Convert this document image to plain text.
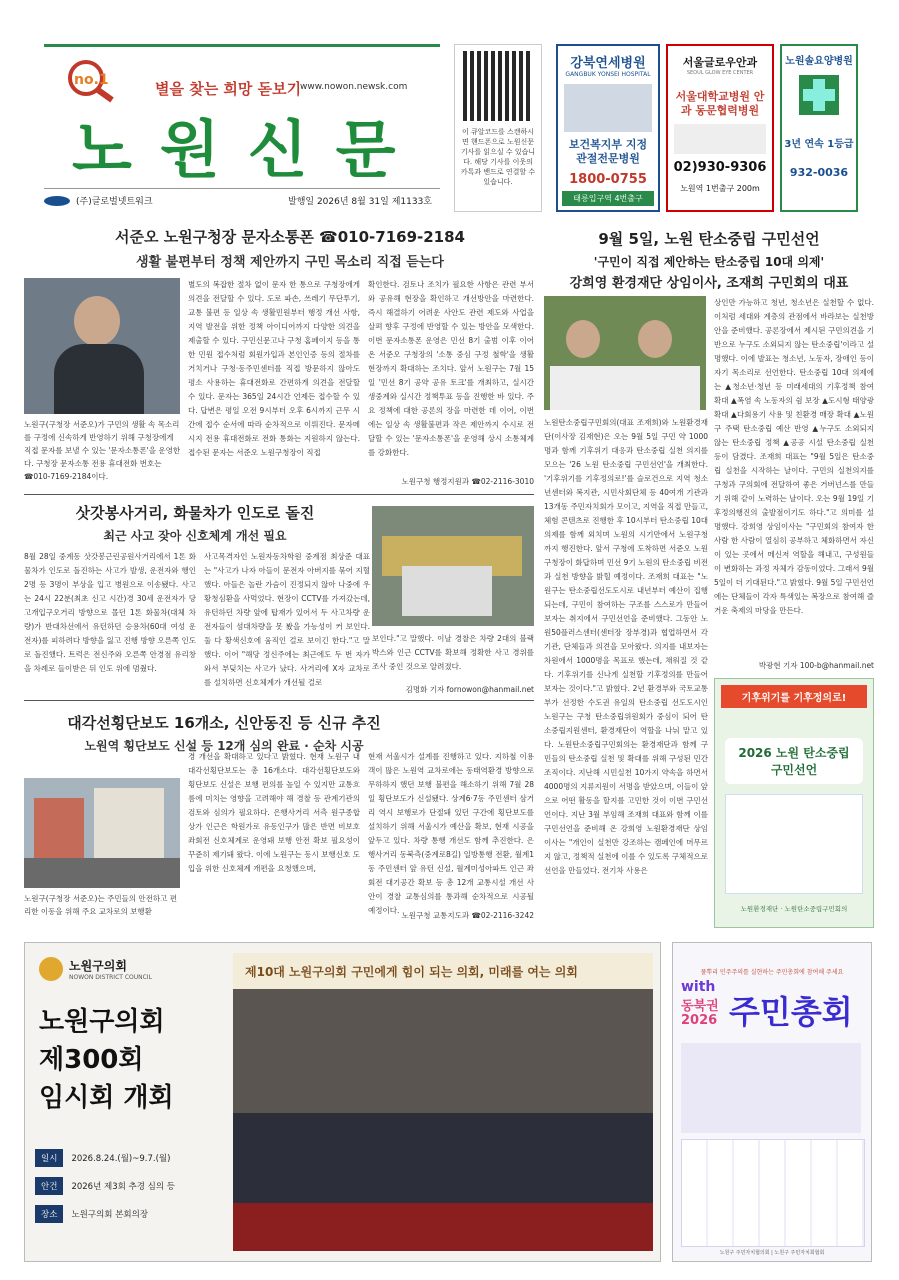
no.1	별을 찾는 희망 돋보기
www.nowon.newsk.com
노원신문
(주)글로벌넷트워크	발행일 2026년 8월 31일 제1133호
이 큐알코드를 스캔하시면 핸드폰으로 노원신문 기사를 읽으실 수 있습니다. 해당 기사를 이웃의 카톡과 밴드로 연결할 수 있습니다.
강북연세병원
GANGBUK YONSEI HOSPITAL
보건복지부 지정 관절전문병원
1800-0755
태릉입구역 4번출구
서울글로우안과
SEOUL GLOW EYE CENTER
서울대학교병원 안과 동문협력병원
02)930-9306
노원역 1번출구 200m
노원솔요양병원
3년 연속 1등급
932-0036
서준오 노원구청장 문자소통폰 ☎010-7169-2184
생활 불편부터 정책 제안까지 구민 목소리 직접 듣는다
노원구(구청장 서준오)가 구민의 생활 속 목소리를 구정에 신속하게 반영하기 위해 구청장에게 직접 문자를 보낼 수 있는 '문자소통폰'을 운영한다. 구청장 문자소통 전용 휴대전화 번호는 ☎010-7169-2184이다.
별도의 복잡한 절차 없이 문자 한 통으로 구청장에게 의견을 전달할 수 있다. 도로 파손, 쓰레기 무단투기, 교통 불편 등 일상 속 생활민원부터 행정 개선 사항, 지역 발전을 위한 정책 아이디어까지 다양한 의견을 제출할 수 있다. 구민신문고나 구청 홈페이지 등을 통한 민원 접수처럼 회원가입과 본인인증 등의 절차를 거치거나 구청·동주민센터를 직접 방문하지 않아도 평소 사용하는 휴대전화로 간편하게 의견을 전달할 수 있다. 문자는 365일 24시간 언제든 접수할 수 있다. 답변은 평일 오전 9시부터 오후 6시까지 근무 시간에 접수 순서에 따라 순차적으로 이뤄진다. 문자메시지 전용 휴대전화로 전화 통화는 지원하지 않는다. 접수된 문자는 서준오 노원구청장이 직접
확인한다. 검토나 조치가 필요한 사항은 관련 부서와 공유해 현장을 확인하고 개선방안을 마련한다. 즉시 해결하기 어려운 사안도 관련 제도와 사업을 살펴 향후 구정에 반영할 수 있는 방안을 모색한다. 이번 문자소통폰 운영은 민선 8기 출범 이후 이어온 서준오 구청장의 '소통 중심 구정 철학'을 생활 현장까지 확대하는 조치다. 앞서 노원구는 7월 15일 '민선 8기 공약 공유 토크'를 개최하고, 실시간 생중계와 실시간 정책투표 등을 진행한 바 있다. 주요 정책에 대한 공론의 장을 마련한 데 이어, 이번에는 일상 속 생활불편과 작은 제안까지 수시로 전달할 수 있는 '문자소통폰'을 운영해 상시 소통체계를 강화한다.
노원구청 행정지원과 ☎02-2116-3010
삿갓봉사거리, 화물차가 인도로 돌진
최근 사고 잦아 신호체계 개선 필요
8월 28일 중계동 삿갓봉근린공원사거리에서 1톤 화물차가 인도로 돌진하는 사고가 발생, 운전자와 행인 2명 등 3명이 부상을 입고 병원으로 이송됐다. 사고는 24시 22분(최초 신고 시간)경 30세 운전자가 당고개입구오거리 방향으로 몰던 1톤 화물차(대체 차량)가 반대차선에서 유턴하던 승용차(60대 여성 운전자)를 피하려다 방향을 잃고 진행 방향 오른쪽 인도로 돌진했다. 트럭은 전신주와 오른쪽 안경점 유리창을 차례로 들이받은 뒤 인도 위에 멈췄다.
사고목격자인 노원자동차학원 중계점 최상준 대표는 "사고가 나자 아들이 문전자 아버지를 묶어 지혈했다. 아들은 놀란 가슴이 진정되지 않아 나중에 우황청심환을 사먹었다. 현장이 CCTV를 가져갔는데, 유턴하던 차량 앞에 탑재가 있어서 두 사고차량 운전자들이 섬대차량을 못 봤을 가능성이 커 보인다. 둘 다 황색신호에 움직인 걸로 보이긴 한다."고 말했다. 이어 "해당 정신주에는 최근에도 두 번 자가 와서 부딪치는 사고가 났다. 사거리에 X자 교차로를 설치하면 신호체계가 개선될 걸로
보인다."고 말했다. 이날 경찰은 차량 2대의 블랙박스와 인근 CCTV를 확보해 정확한 사고 경위를 조사 중인 것으로 알려졌다.
김명화 기자 fornowon@hanmail.net
대각선횡단보도 16개소, 신안동진 등 신규 추진
노원역 횡단보도 신설 등 12개 심의 완료 · 순차 시공
노원구(구청장 서준오)는 주민들의 안전하고 편리한 이동을 위해 주요 교차로의 보행환
경 개선을 확대하고 있다고 밝혔다. 현재 노원구 내 대각선횡단보도는 총 16개소다. 대각선횡단보도와 횡단보도 신설은 보행 편의를 높일 수 있지만 교통흐름에 미치는 영향을 고려해야 해 경찰 등 관계기관의 검토와 심의가 필요하다. 은행사거리 서측 원구종합상가 인근은 학원가로 유동인구가 많은 반면 비보호 좌회전 신호체계로 운영돼 보행 안전 확보 필요성이 꾸준히 제기돼 왔다. 이에 노원구는 동시 보행신호 도입을 위한 신호체계 개편을 요청했으며,
현재 서울시가 설계를 진행하고 있다. 지하철 이용객이 많은 노원역 교차로에는 동태역환경 방향으로 무하하지 했던 보행 불편을 해소하기 위해 7월 28일 횡단보도가 신설됐다. 상계6·7동 주민센터 삼거리 역시 보행로가 단절돼 있던 구간에 횡단보도를 설치하기 위해 서울시가 예산을 확보, 현재 시공을 앞두고 있다. 차량 통행 개선도 함께 추진한다. 은행사거리 동북측(중계로8길) 일방통행 전환, 월계1동 주민센터 앞 유턴 신설, 월계미성아파트 인근 좌회전 대기공간 확보 등 총 12개 교통시설 개선 사안이 경찰 교통심의를 통과해 순차적으로 시공될 예정이다.
노원구청 교통지도과 ☎02-2116-3242
9월 5일, 노원 탄소중립 구민선언
'구민이 직접 제안하는 탄소중립 10대 의제'
강희영 환경재단 상임이사, 조재희 구민회의 대표
노원탄소중립구민회의(대표 조재희)와 노원환경재단(이사장 김재현)은 오는 9월 5일 구민 약 1000명과 함께 기후위기 대응과 탄소중립 실천 의지를 모으는 '26 노원 탄소중립 구민선언'을 개최한다. '기후위기를 기후정의로!'를 슬로건으로 지역 청소년센터와 복지관, 시민사회단체 등 40여개 기관과 13개동 주민자치회가 모이고, 지역을 직접 만들고, 체험 콘텐츠로 진행한 후 10시부터 탄소중립 10대 의제를 함께 외치며 노원의 시기만에서 노원구청까지 행진한다. 앞서 구청에 도착하면 서준오 노원구청장이 화답하며 민선 9기 노원의 탄소중립 비전과 실천 방향을 밝힐 예정이다. 조재희 대표는 "노원구는 탄소중립선도도시로 내년부터 예산이 집행되는데, 구민이 참여하는 구조를 스스로가 만들어 보자는 취지에서 구민선언을 준비했다. 그동안 노원50플러스센터(센터장 장부경)과 협업하면서 각 기관, 단체들과 의견을 모아왔다. 의지를 내보자는 차원에서 1000명을 목표로 했는데, 채워질 것 같다. 기후위기를 신나게 실천할 기후정의를 만들어 보자는 것이다."고 밝혔다. 2년 환경부와 국토교통부가 선정한 수도권 유일의 탄소중립 선도도시인 노원구는 구청 탄소중립위원회가 중심이 되어 탄소중립지원센터, 환경재단이 역할을 나눠 맡고 있다. 노원탄소중립구민회의는 환경재단과 함께 구민들의 탄소중립 실천 및 확대를 위해 구성된 민간조직이다. 지난해 시민실천 10가지 약속을 하면서 4000명의 지류지원이 서명을 받았으며, 이들이 앞으로 어떤 활동을 할지를 고민한 것이 이번 구민선언이다. 지난 3월 부임해 조재희 대표와 함께 이를 구민선언을 준비해 온 강희영 노원환경재단 상임이사는 "개인이 실천만 강조하는 캠페인에 머무르지 않고, 정책적 실천에 이를 수 있도록 구체적으로 선언을 만들었다. 전기차 사용은
상인만 가능하고 청년, 청소년은 실천할 수 없다. 이처럼 세대와 계층의 관점에서 바라보는 실천방안을 준비했다. 공론장에서 제시된 구민의견을 기반으로 누구도 소외되지 않는 탄소중립'이라고 설명했다. 이에 발표는 청소년, 노동자, 장애인 등이 자기 목소리로 선언한다. 탄소중립 10대 의제에는 ▲청소년·청년 등 미래세대의 기후정책 참여 확대 ▲폭염 속 노동자의 쉼 보장 ▲도시형 태양광 확대 ▲다회용기 사용 및 친환경 매장 확대 ▲노원구 주택 탄소중립 예산 반영 ▲누구도 소외되지 않는 탄소중립 정책 ▲공공 시설 탄소중립 실천 등이 담겼다. 조재희 대표는 "9월 5일은 탄소중립 실천을 시작하는 날이다. 구민의 실천의지를 구청과 구의회에 전달하여 좋은 거버넌스를 만들기 위해 같이 노력하는 날이다. 오는 9월 19일 기후정의행진의 출발점이기도 하다."고 의미를 설명했다. 강희영 상임이사는 "구민회의 참여자 한 사람 한 사람이 열심히 공부하고 체화하면서 자신이 있는 곳에서 메신저 역할을 해내고, 구성원들이 변화하는 과정 자체가 감동이었다. 그래서 9월 5일이 더 기대된다."고 밝혔다. 9월 5일 구민선언에는 단체들이 각자 특색있는 복장으로 참여해 즐거운 축제의 마당을 만든다.
박광현 기자 100-b@hanmail.net
기후위기를 기후정의로!
2026 노원 탄소중립 구민선언
노원환경재단 · 노원탄소중립구민회의
노원구의회
NOWON DISTRICT COUNCIL
노원구의회
제300회
임시회 개회
일시	2026.8.24.(월)~9.7.(월)
안건	2026년 제3회 추경 심의 등
장소	노원구의회 본회의장
제10대 노원구의회 구민에게 힘이 되는 의회, 미래를 여는 의회	풀뿌리 민주주의를 실현하는 주민총회에 참여해 주세요
with
동북권
2026 주민총회
노원구 주민자치협의회 | 노원구 주민자치회협회
